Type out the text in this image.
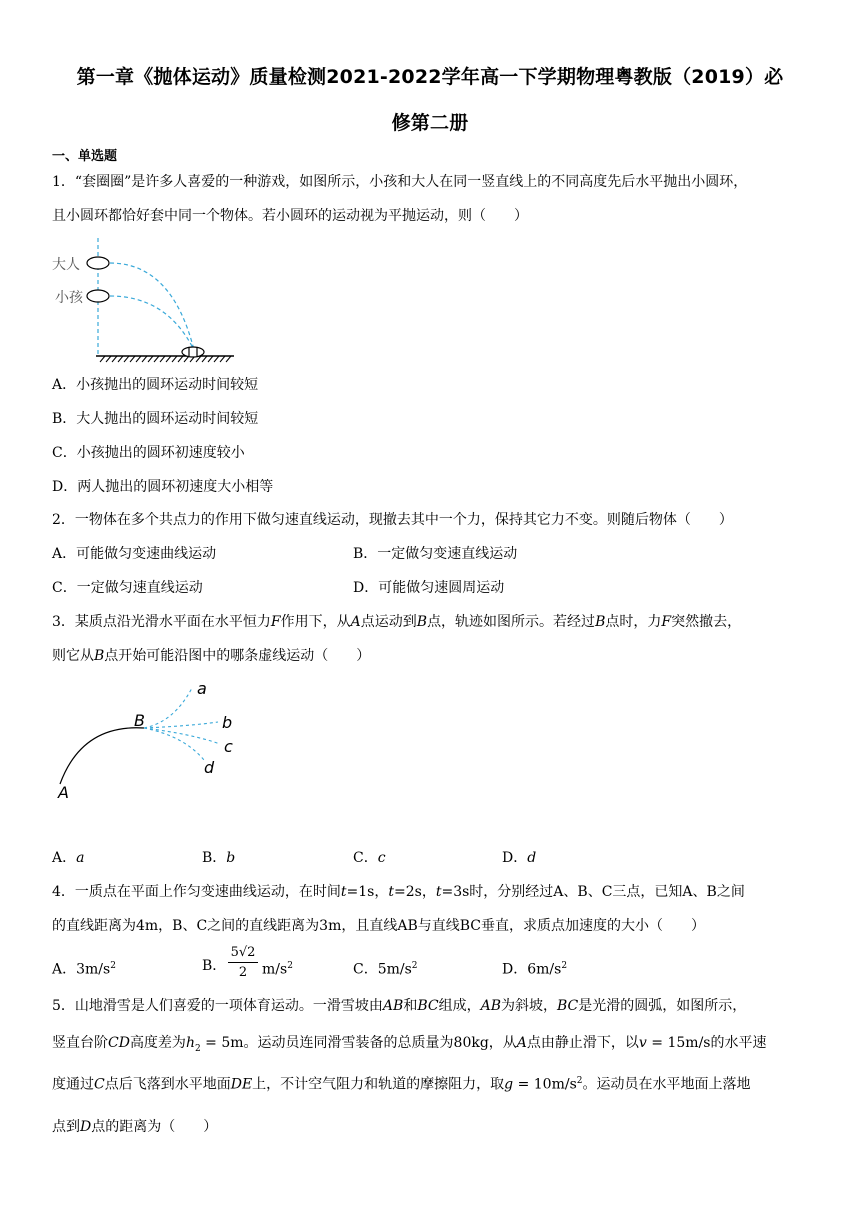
第一章《抛体运动》质量检测2021-2022学年高一下学期物理粤教版（2019）必
修第二册
一、单选题
1．“套圈圈”是许多人喜爱的一种游戏，如图所示，小孩和大人在同一竖直线上的不同高度先后水平抛出小圆环，
且小圆环都恰好套中同一个物体。若小圆环的运动视为平抛运动，则（　　）
大人
小孩
A．小孩抛出的圆环运动时间较短
B．大人抛出的圆环运动时间较短
C．小孩抛出的圆环初速度较小
D．两人抛出的圆环初速度大小相等
2．一物体在多个共点力的作用下做匀速直线运动，现撤去其中一个力，保持其它力不变。则随后物体（　　）
A．可能做匀变速曲线运动	B．一定做匀变速直线运动
C．一定做匀速直线运动	D．可能做匀速圆周运动
3．某质点沿光滑水平面在水平恒力F作用下，从A点运动到B点，轨迹如图所示。若经过B点时，力F突然撤去，
则它从B点开始可能沿图中的哪条虚线运动（　　）
a
b
c
d
B
A
A．a	B．b	C．c	D．d
4．一质点在平面上作匀变速曲线运动，在时间t=1s，t=2s，t=3s时，分别经过A、B、C三点，已知A、B之间
的直线距离为4m，B、C之间的直线距离为3m，且直线AB与直线BC垂直，求质点加速度的大小（　　）
A．$3m/s^2$	B．
5√2
2	$m/s^2$	C．$5m/s^2$	D．$6m/s^2$
5．山地滑雪是人们喜爱的一项体育运动。一滑雪坡由AB和BC组成，AB为斜坡，BC是光滑的圆弧，如图所示，
竖直台阶CD高度差为$h_2 = 5m$。运动员连同滑雪装备的总质量为80kg，从A点由静止滑下，以v = 15m/s的水平速
度通过C点后飞落到水平地面DE上，不计空气阻力和轨道的摩擦阻力，取$g = 10m/s^2$。运动员在水平地面上落地
点到D点的距离为（　　）
